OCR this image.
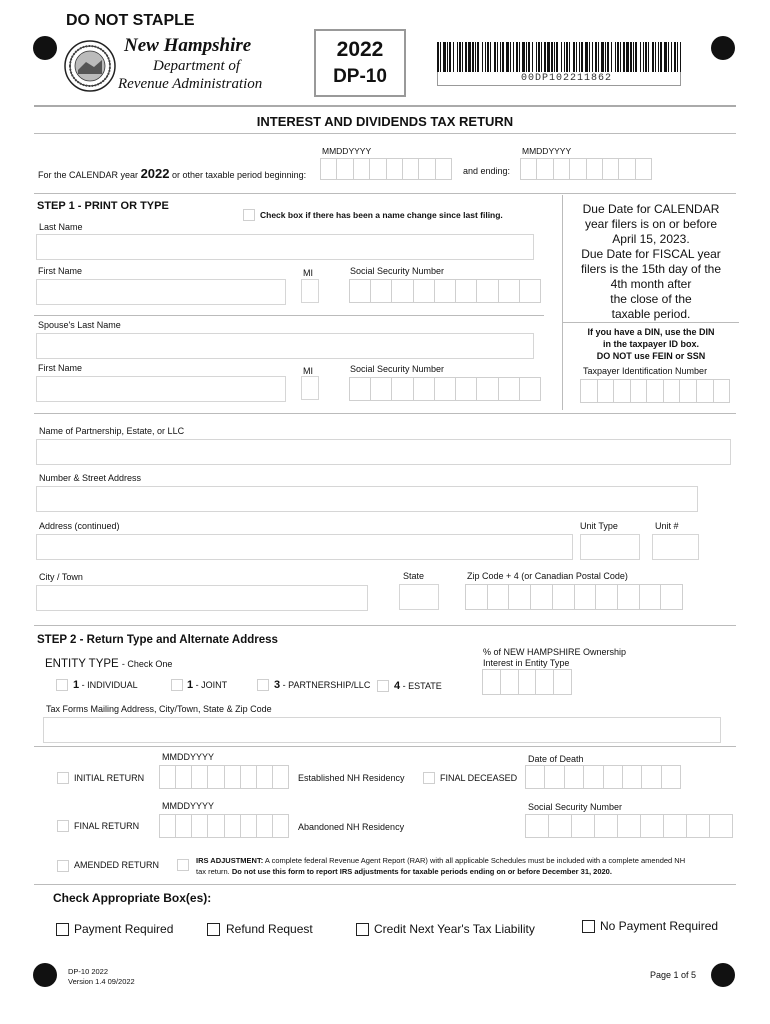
DO NOT STAPLE
New Hampshire
Department of
Revenue Administration
2022
DP-10	00DP102211862
INTEREST AND DIVIDENDS TAX RETURN
MMDDYYYY	MMDDYYYY
For the CALENDAR year 2022 or other taxable period beginning:	and ending:
STEP 1 - PRINT OR TYPE
Check box if there has been a name change since last filing.
Last Name
First Name	MI	Social Security Number
Spouse's Last Name
First Name	MI	Social Security Number
Due Date for CALENDAR
year filers is on or before
April 15, 2023.
Due Date for FISCAL year
filers is the 15th day of the
4th month after
the close of the
taxable period.
If you have a DIN, use the DIN
in the taxpayer ID box.
DO NOT use FEIN or SSN
Taxpayer Identification Number
Name of Partnership, Estate, or LLC
Number & Street Address
Address (continued)	Unit Type	Unit #
City / Town	State	Zip Code + 4 (or Canadian Postal Code)
STEP 2 - Return Type and Alternate Address
ENTITY TYPE - Check One
1 - INDIVIDUAL	1 - JOINT	3 - PARTNERSHIP/LLC 4 - ESTATE
% of NEW HAMPSHIRE Ownership
Interest in Entity Type
Tax Forms Mailing Address, City/Town, State & Zip Code
MMDDYYYY
INITIAL RETURN	Established NH Residency	FINAL DECEASED
Date of Death
MMDDYYYY
FINAL RETURN	Abandoned NH Residency
Social Security Number
AMENDED RETURN	IRS ADJUSTMENT: A complete federal Revenue Agent Report (RAR) with all applicable Schedules must be included with a complete amended NH
tax return. Do not use this form to report IRS adjustments for taxable periods ending on or before December 31, 2020.
Check Appropriate Box(es):
Payment Required	Refund Request	Credit Next Year's Tax Liability	No Payment Required
DP-10 2022
Version 1.4 09/2022
Page 1 of 5
